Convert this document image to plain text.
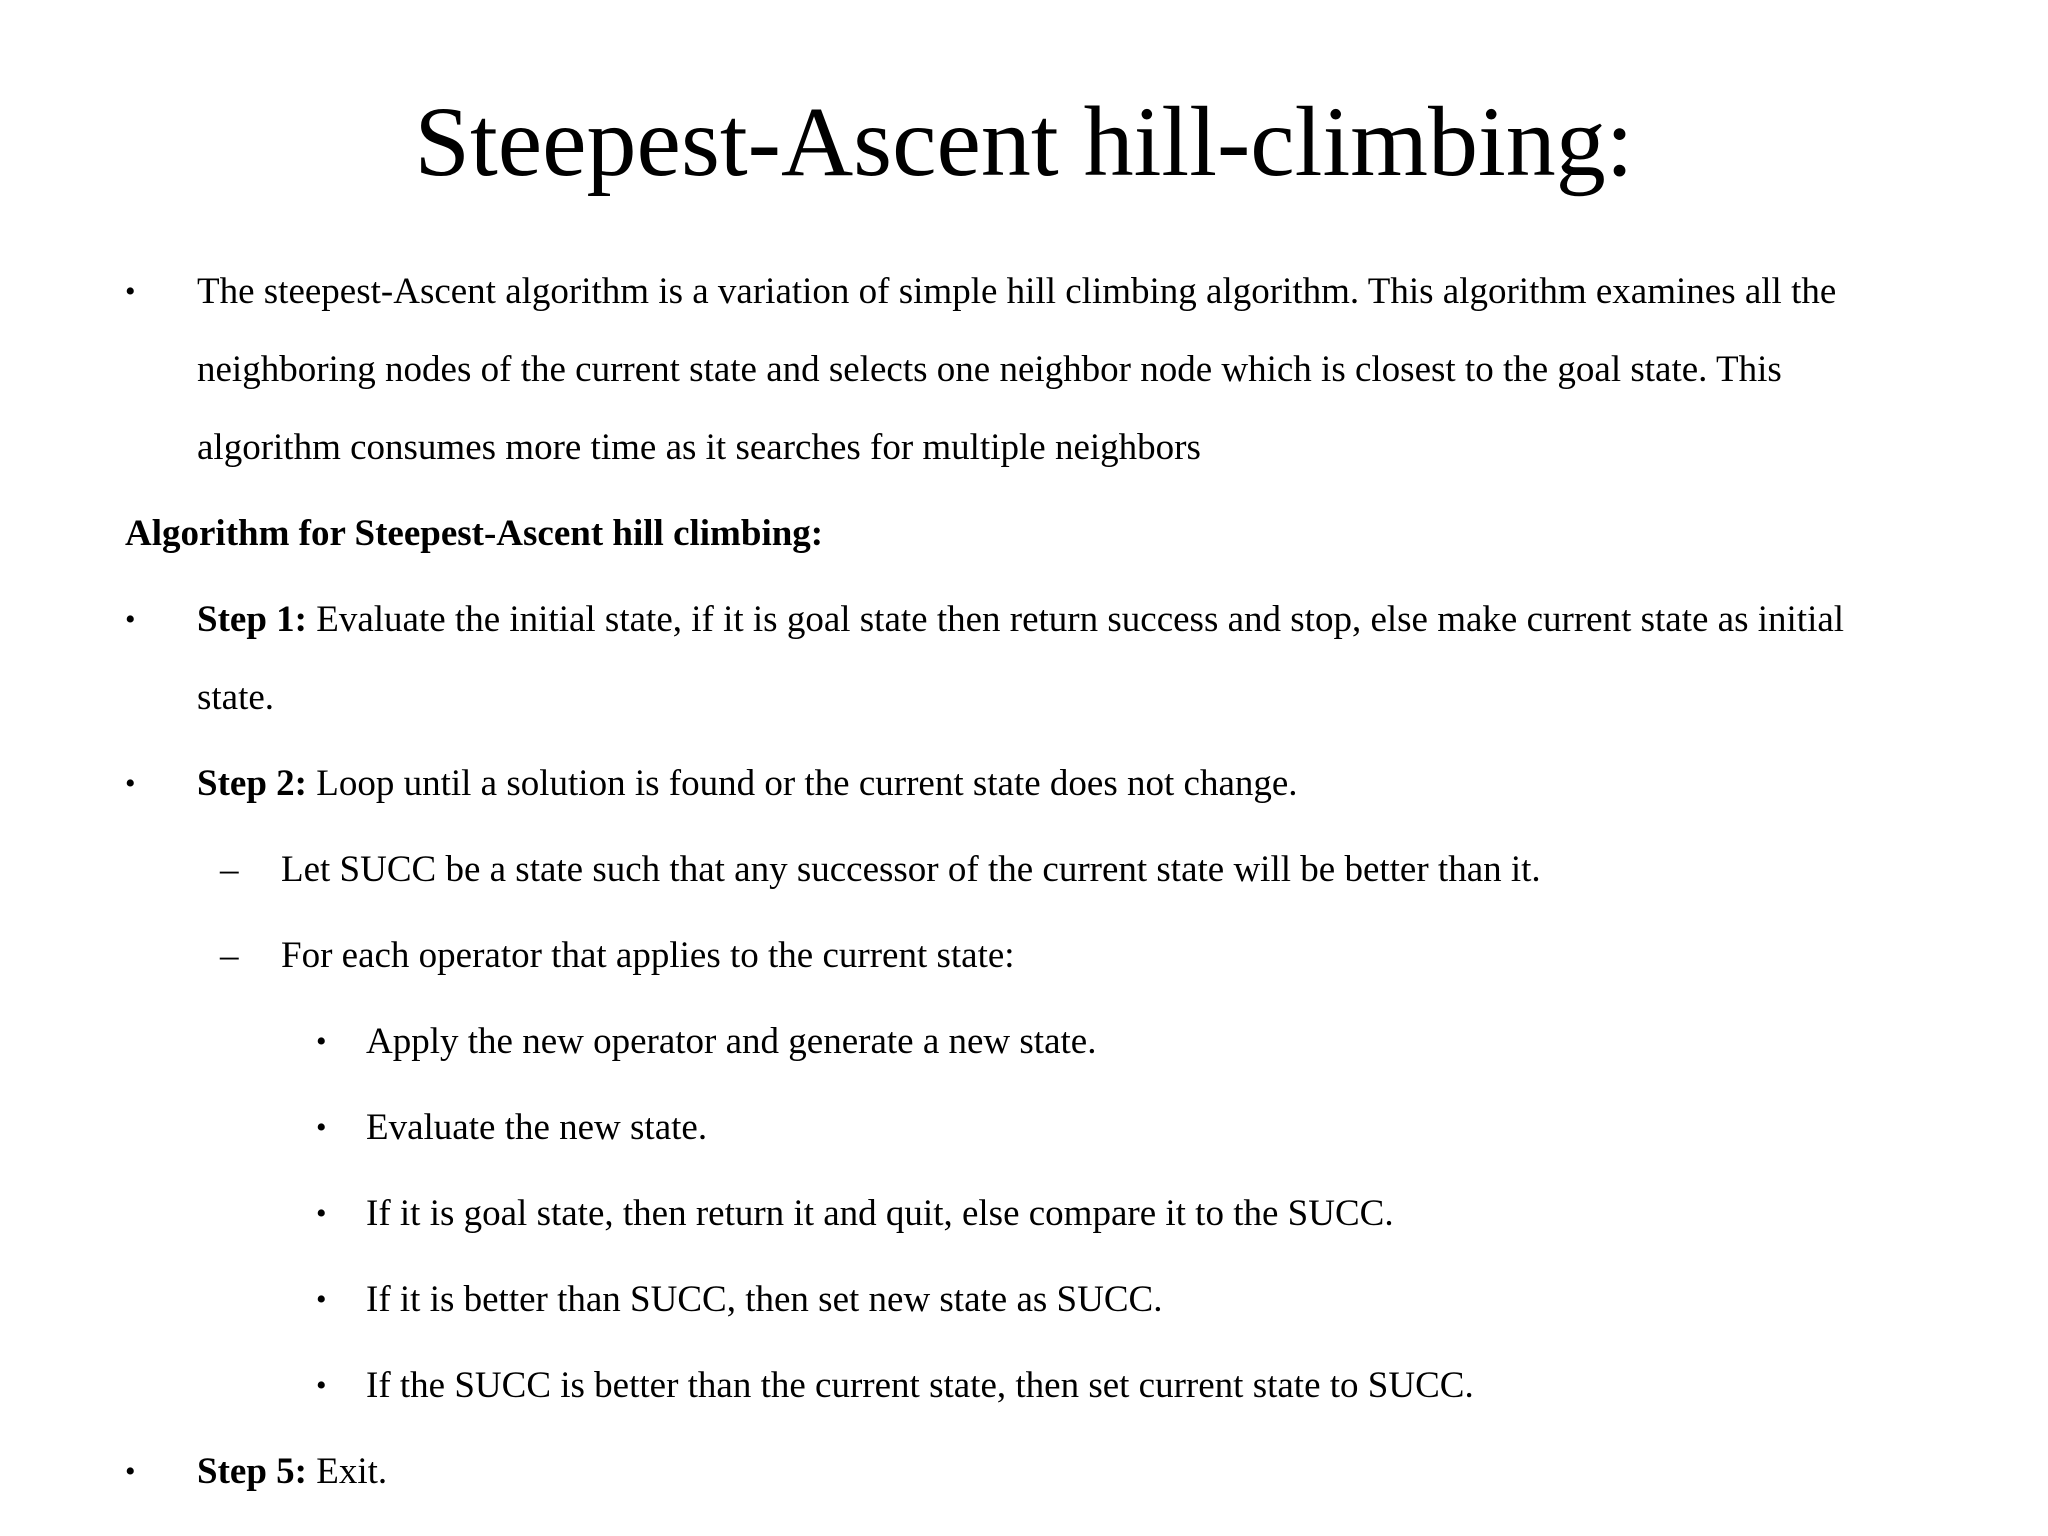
Steepest-Ascent hill-climbing:
• The steepest-Ascent algorithm is a variation of simple hill climbing algorithm. This algorithm examines all the
neighboring nodes of the current state and selects one neighbor node which is closest to the goal state. This
algorithm consumes more time as it searches for multiple neighbors
Algorithm for Steepest-Ascent hill climbing:
• Step 1: Evaluate the initial state, if it is goal state then return success and stop, else make current state as initial
state.
• Step 2: Loop until a solution is found or the current state does not change.
– Let SUCC be a state such that any successor of the current state will be better than it.
– For each operator that applies to the current state:
• Apply the new operator and generate a new state.
• Evaluate the new state.
• If it is goal state, then return it and quit, else compare it to the SUCC.
• If it is better than SUCC, then set new state as SUCC.
• If the SUCC is better than the current state, then set current state to SUCC.
• Step 5: Exit.
